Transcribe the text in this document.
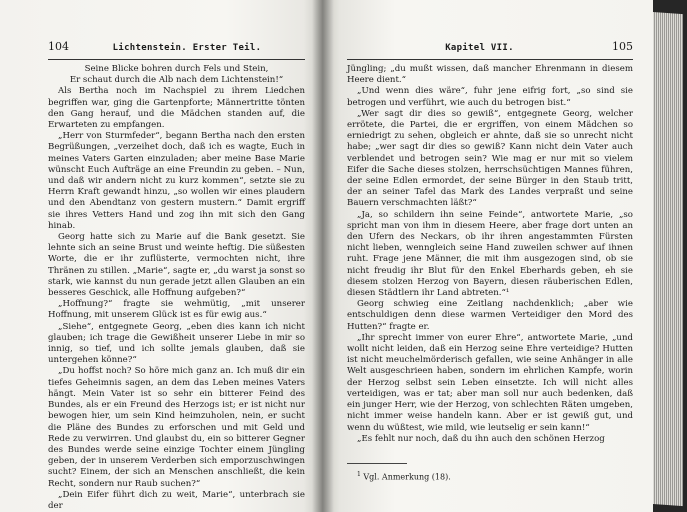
104	Lichtenstein. Erster Teil.
Seine Blicke bohren durch Fels und Stein,
Er schaut durch die Alb nach dem Lichtenstein!“

Als Bertha noch im Nachspiel zu ihrem Liedchen begriffen war, ging die Gartenpforte; Männertritte tönten den Gang herauf, und die Mädchen standen auf, die Erwarteten zu empfangen.

„Herr von Sturmfeder“, begann Bertha nach den ersten Begrüßungen, „verzeihet doch, daß ich es wagte, Euch in meines Vaters Garten einzuladen; aber meine Base Marie wünscht Euch Aufträge an eine Freundin zu geben. – Nun, und daß wir andern nicht zu kurz kommen“, setzte sie zu Herrn Kraft gewandt hinzu, „so wollen wir eines plaudern und den Abendtanz von gestern mustern.“ Damit ergriff sie ihres Vetters Hand und zog ihn mit sich den Gang hinab.

Georg hatte sich zu Marie auf die Bank gesetzt. Sie lehnte sich an seine Brust und weinte heftig. Die süßesten Worte, die er ihr zuflüsterte, vermochten nicht, ihre Thränen zu stillen. „Marie“, sagte er, „du warst ja sonst so stark, wie kannst du nun gerade jetzt allen Glauben an ein besseres Geschick, alle Hoffnung aufgeben?“

„Hoffnung?“ fragte sie wehmütig, „mit unserer Hoffnung, mit unserem Glück ist es für ewig aus.“

„Siehe“, entgegnete Georg, „eben dies kann ich nicht glauben; ich trage die Gewißheit unserer Liebe in mir so innig, so tief, und ich sollte jemals glauben, daß sie untergehen könne?“

„Du hoffst noch? So höre mich ganz an. Ich muß dir ein tiefes Geheimnis sagen, an dem das Leben meines Vaters hängt. Mein Vater ist so sehr ein bitterer Feind des Bundes, als er ein Freund des Herzogs ist; er ist nicht nur bewogen hier, um sein Kind heimzuholen, nein, er sucht die Pläne des Bundes zu erforschen und mit Geld und Rede zu verwirren. Und glaubst du, ein so bitterer Gegner des Bundes werde seine einzige Tochter einem Jüngling geben, der in unserem Verderben sich emporzuschwingen sucht? Einem, der sich an Menschen anschließt, die kein Recht, sondern nur Raub suchen?“

„Dein Eifer führt dich zu weit, Marie“, unterbrach sie der

Kapitel VII.	105

Jüngling; „du mußt wissen, daß mancher Ehrenmann in diesem Heere dient.“

„Und wenn dies wäre“, fuhr jene eifrig fort, „so sind sie betrogen und verführt, wie auch du betrogen bist.“

„Wer sagt dir dies so gewiß“, entgegnete Georg, welcher errötete, die Partei, die er ergriffen, von einem Mädchen so erniedrigt zu sehen, obgleich er ahnte, daß sie so unrecht nicht habe; „wer sagt dir dies so gewiß? Kann nicht dein Vater auch verblendet und betrogen sein? Wie mag er nur mit so vielem Eifer die Sache dieses stolzen, herrschsüchtigen Mannes führen, der seine Edlen ermordet, der seine Bürger in den Staub tritt, der an seiner Tafel das Mark des Landes verpraßt und seine Bauern verschmachten läßt?“

„Ja, so schildern ihn seine Feinde“, antwortete Marie, „so spricht man von ihm in diesem Heere, aber frage dort unten an den Ufern des Neckars, ob ihr ihren angestammten Fürsten nicht lieben, wenngleich seine Hand zuweilen schwer auf ihnen ruht. Frage jene Männer, die mit ihm ausgezogen sind, ob sie nicht freudig ihr Blut für den Enkel Eberhards geben, eh sie diesem stolzen Herzog von Bayern, diesen räuberischen Edlen, diesen Städtlern ihr Land abtreten.“¹

Georg schwieg eine Zeitlang nachdenklich; „aber wie entschuldigen denn diese warmen Verteidiger den Mord des Hutten?“ fragte er.

„Ihr sprecht immer von eurer Ehre“, antwortete Marie, „und wollt nicht leiden, daß ein Herzog seine Ehre verteidige? Hutten ist nicht meuchelmörderisch gefallen, wie seine Anhänger in alle Welt ausgeschrieen haben, sondern im ehrlichen Kampfe, worin der Herzog selbst sein Leben einsetzte. Ich will nicht alles verteidigen, was er tat; aber man soll nur auch bedenken, daß ein junger Herr, wie der Herzog, von schlechten Räten umgeben, nicht immer weise handeln kann. Aber er ist gewiß gut, und wenn du wüßtest, wie mild, wie leutselig er sein kann!“

„Es fehlt nur noch, daß du ihn auch den schönen Herzog

$^1$ Vgl. Anmerkung (18).
